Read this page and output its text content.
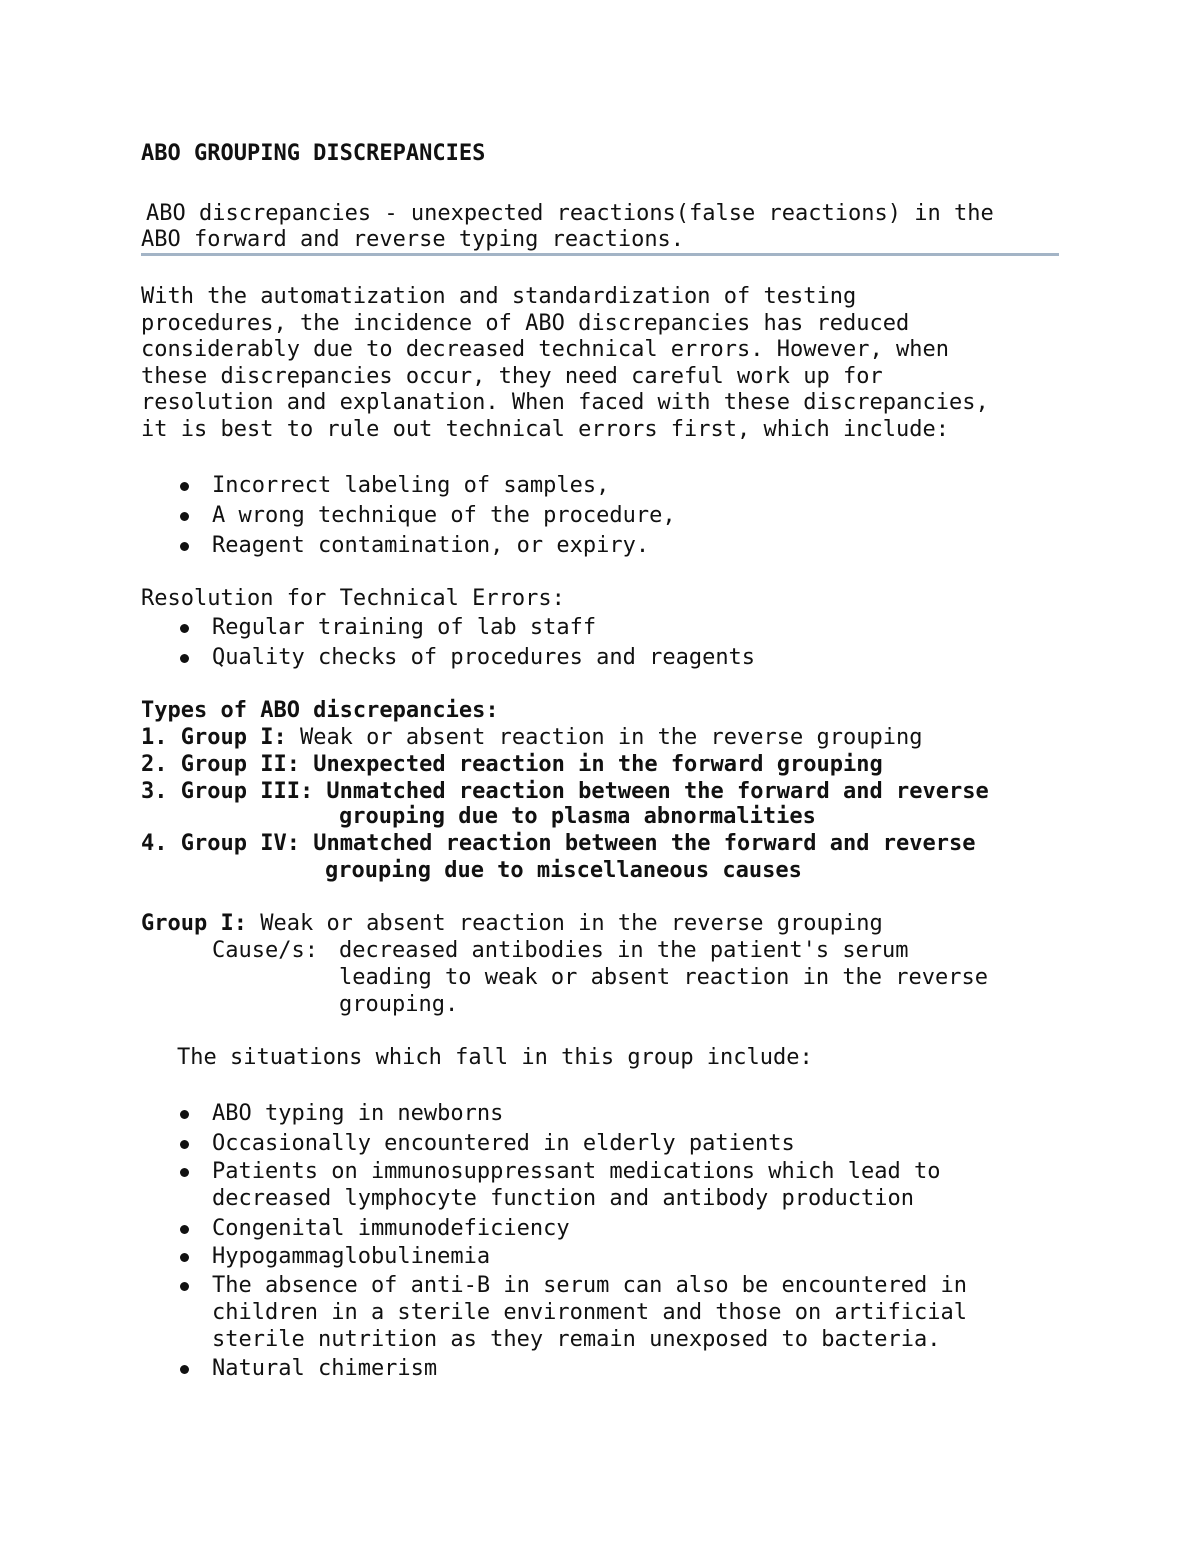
ABO GROUPING DISCREPANCIES
ABO discrepancies - unexpected reactions(false reactions) in the
ABO forward and reverse typing reactions.
With the automatization and standardization of testing
procedures, the incidence of ABO discrepancies has reduced
considerably due to decreased technical errors. However, when
these discrepancies occur, they need careful work up for
resolution and explanation. When faced with these discrepancies,
it is best to rule out technical errors first, which include:
Incorrect labeling of samples,
A wrong technique of the procedure,
Reagent contamination, or expiry.
Resolution for Technical Errors:
Regular training of lab staff
Quality checks of procedures and reagents
Types of ABO discrepancies:
1. Group I: Weak or absent reaction in the reverse grouping
2. Group II: Unexpected reaction in the forward grouping
3. Group III: Unmatched reaction between the forward and reverse
grouping due to plasma abnormalities
4. Group IV: Unmatched reaction between the forward and reverse
grouping due to miscellaneous causes
Group I: Weak or absent reaction in the reverse grouping
Cause/s: decreased antibodies in the patient's serum
leading to weak or absent reaction in the reverse
grouping.
The situations which fall in this group include:
ABO typing in newborns
Occasionally encountered in elderly patients
Patients on immunosuppressant medications which lead to
decreased lymphocyte function and antibody production
Congenital immunodeficiency
Hypogammaglobulinemia
The absence of anti-B in serum can also be encountered in
children in a sterile environment and those on artificial
sterile nutrition as they remain unexposed to bacteria.
Natural chimerism
